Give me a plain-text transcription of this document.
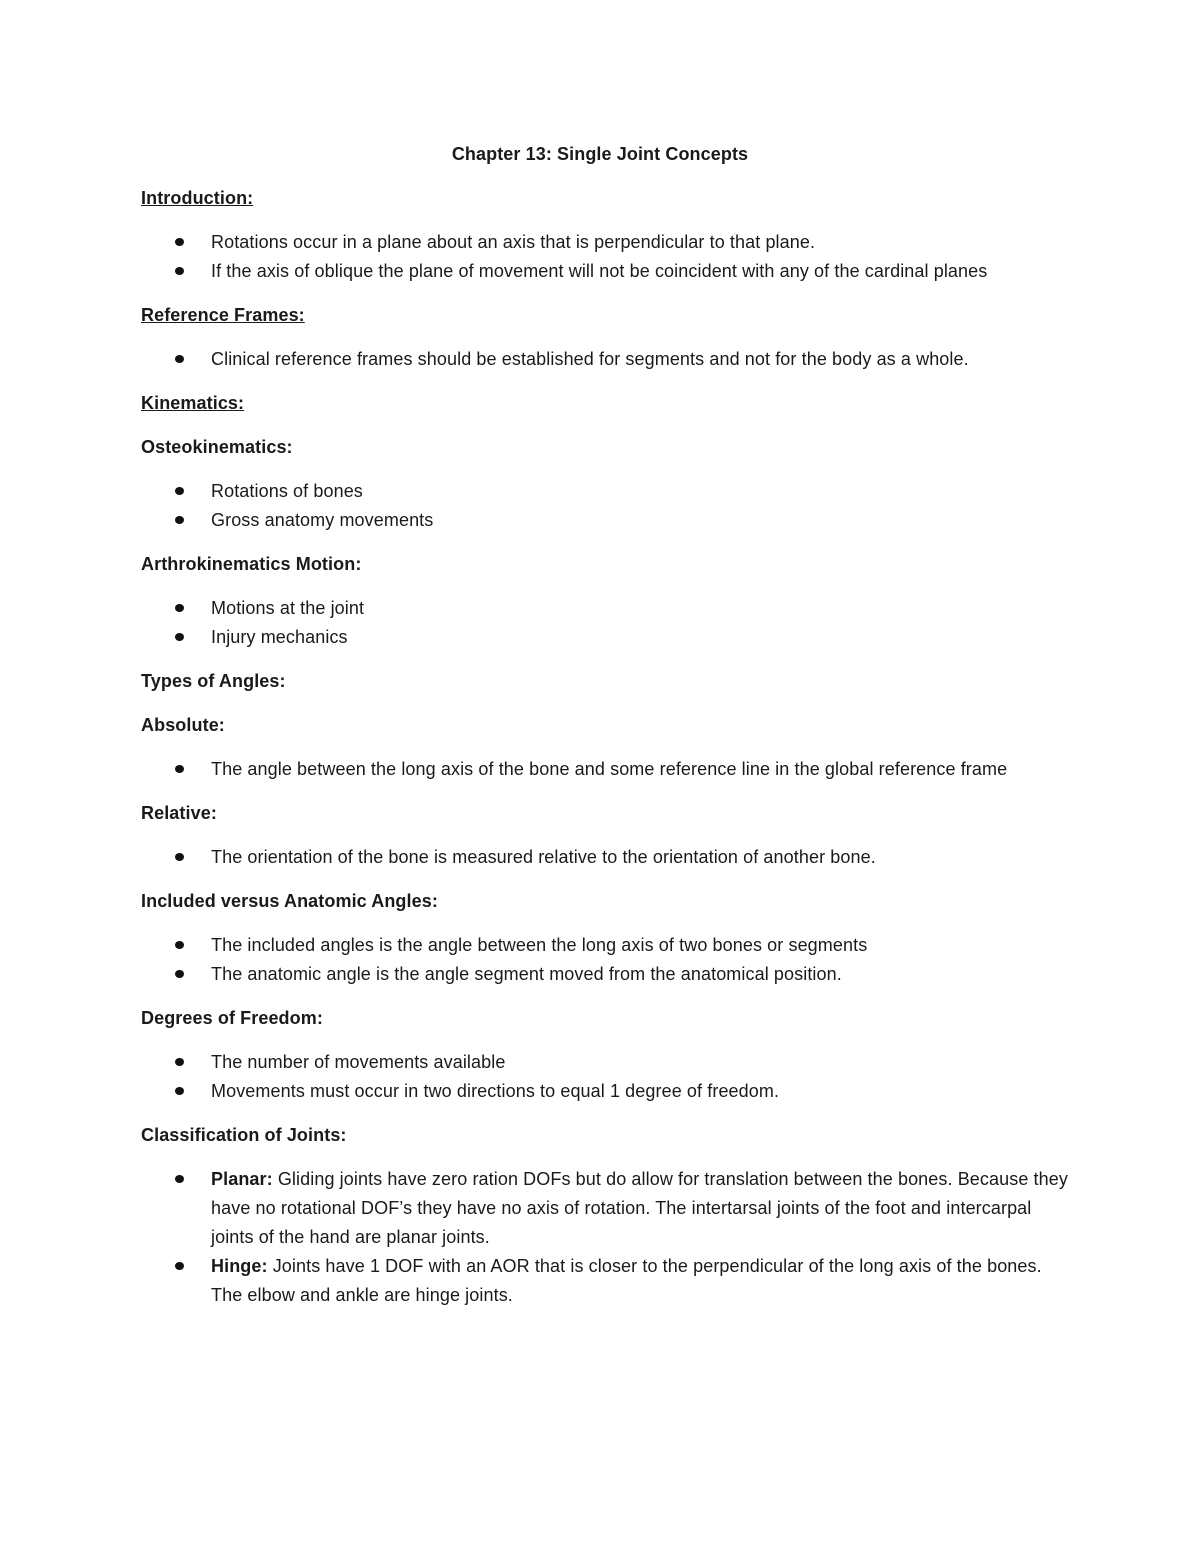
Chapter 13: Single Joint Concepts
Introduction:
Rotations occur in a plane about an axis that is perpendicular to that plane.
If the axis of oblique the plane of movement will not be coincident with any of the cardinal planes
Reference Frames:
Clinical reference frames should be established for segments and not for the body as a whole.
Kinematics:
Osteokinematics:
Rotations of bones
Gross anatomy movements
Arthrokinematics Motion:
Motions at the joint
Injury mechanics
Types of Angles:
Absolute:
The angle between the long axis of the bone and some reference line in the global reference frame
Relative:
The orientation of the bone is measured relative to the orientation of another bone.
Included versus Anatomic Angles:
The included angles is the angle between the long axis of two bones or segments
The anatomic angle is the angle segment moved from the anatomical position.
Degrees of Freedom:
The number of movements available
Movements must occur in two directions to equal 1 degree of freedom.
Classification of Joints:
Planar: Gliding joints have zero ration DOFs but do allow for translation between the bones. Because they have no rotational DOF’s they have no axis of rotation. The intertarsal joints of the foot and intercarpal joints of the hand are planar joints.
Hinge: Joints have 1 DOF with an AOR that is closer to the perpendicular of the long axis of the bones. The elbow and ankle are hinge joints.
